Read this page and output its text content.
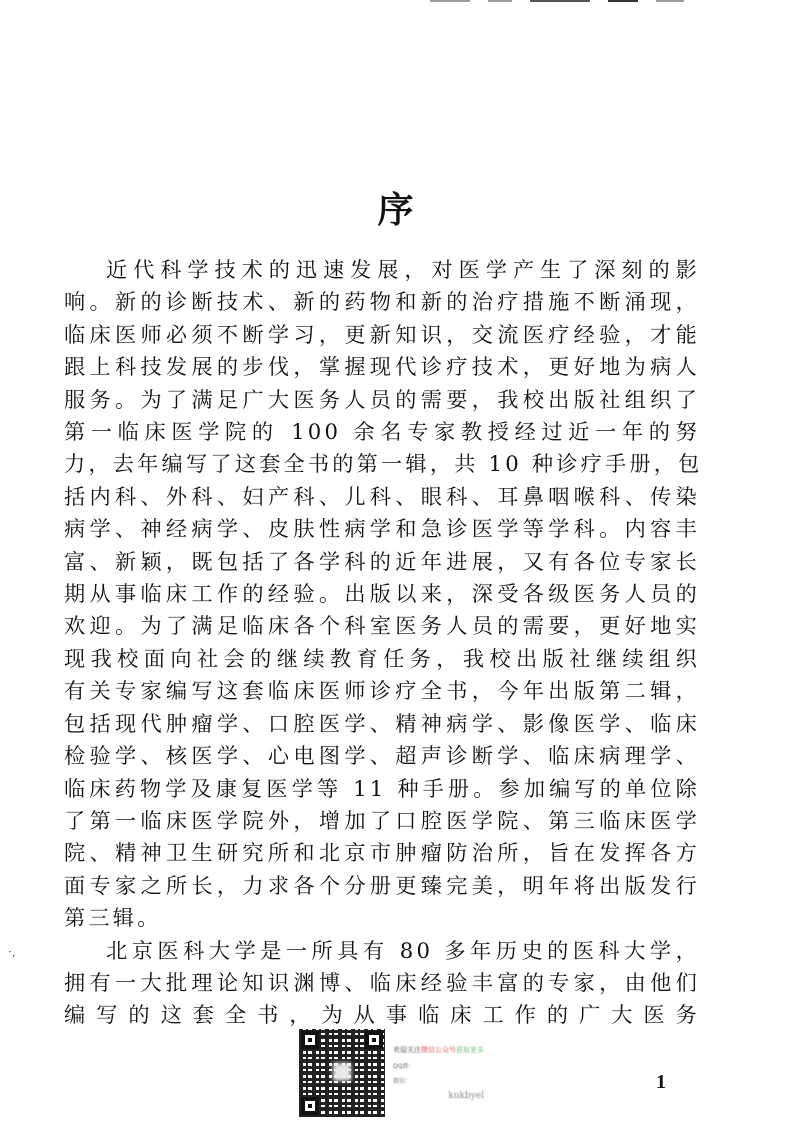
序
近代科学技术的迅速发展，对医学产生了深刻的影
响。新的诊断技术、新的药物和新的治疗措施不断涌现，
临床医师必须不断学习，更新知识，交流医疗经验，才能
跟上科技发展的步伐，掌握现代诊疗技术，更好地为病人
服务。为了满足广大医务人员的需要，我校出版社组织了
第一临床医学院的 100 余名专家教授经过近一年的努
力，去年编写了这套全书的第一辑，共 10 种诊疗手册，包
括内科、外科、妇产科、儿科、眼科、耳鼻咽喉科、传染
病学、神经病学、皮肤性病学和急诊医学等学科。内容丰
富、新颖，既包括了各学科的近年进展，又有各位专家长
期从事临床工作的经验。出版以来，深受各级医务人员的
欢迎。为了满足临床各个科室医务人员的需要，更好地实
现我校面向社会的继续教育任务，我校出版社继续组织
有关专家编写这套临床医师诊疗全书，今年出版第二辑，
包括现代肿瘤学、口腔医学、精神病学、影像医学、临床
检验学、核医学、心电图学、超声诊断学、临床病理学、
临床药物学及康复医学等 11 种手册。参加编写的单位除
了第一临床医学院外，增加了口腔医学院、第三临床医学
院、精神卫生研究所和北京市肿瘤防治所，旨在发挥各方
面专家之所长，力求各个分册更臻完美，明年将出版发行
第三辑。
北京医科大学是一所具有 80 多年历史的医科大学，
拥有一大批理论知识渊博、临床经验丰富的专家，由他们
编写的这套全书，为从事临床工作的广大医务
·,
欢迎关注微信公众号获取更多
QQ群：
微信：
kukbyel
1
